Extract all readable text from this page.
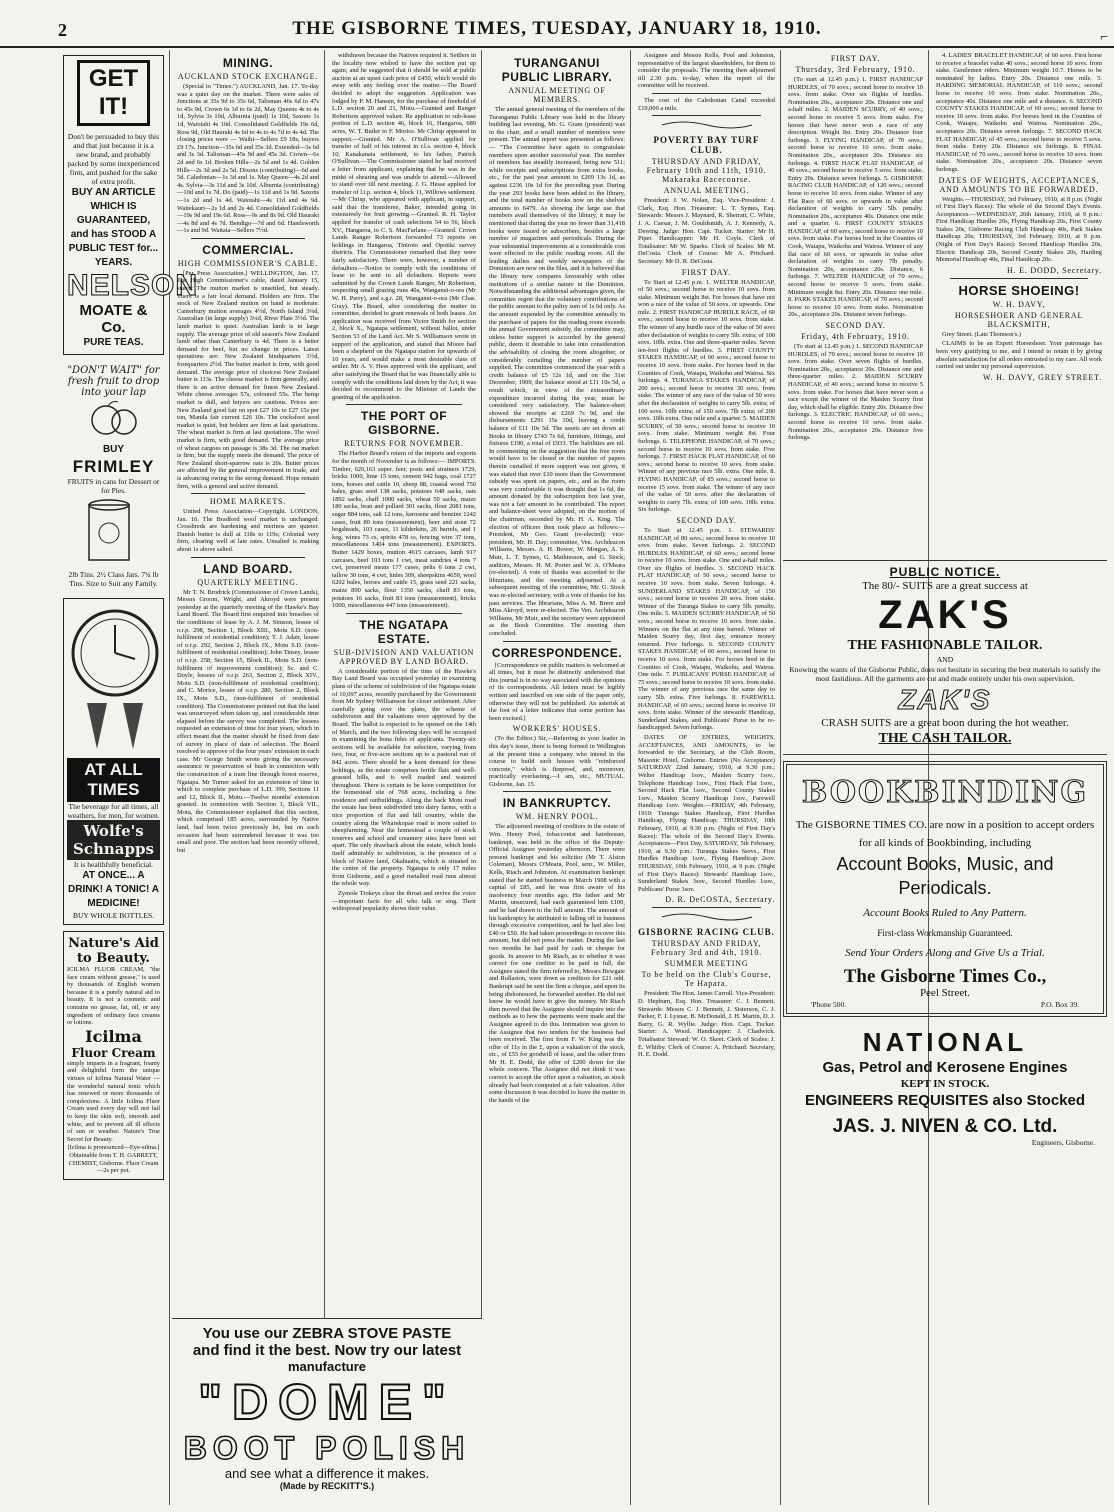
2	THE GISBORNE TIMES, TUESDAY, JANUARY 18, 1910.	⌐
GET IT!
Don't be persuaded to buy this and that just because it is a new brand, and probably packed by some inexperienced firm, and pushed for the sake of extra profit.
BUY AN ARTICLE WHICH IS GUARANTEED, and has STOOD A PUBLIC TEST for... YEARS.
NELSON
MOATE & Co.
PURE TEAS.
"DON'T WAIT" for fresh fruit to drop into your lap
BUY
FRIMLEY
FRUITS in cans for Dessert or for Pies.
2lb Tins. 2½ Class Jars. 7¾ lb Tins. Size to Suit any Family.
AT ALL TIMES
The beverage for all times, all weathers, for men, for women.
Wolfe's Schnapps
It is healthfully beneficial.
AT ONCE... A DRINK! A TONIC! A MEDICINE!
BUY WHOLE BOTTLES.
Nature's Aid to Beauty.
ICILMA FLUOR CREAM, "the face cream without grease," is used by thousands of English women because it is a purely natural aid to beauty. It is not a cosmetic and contains no grease, fat, oil, or any ingredient of ordinary face creams or lotions.
Icilma
Fluor Cream
simply imparts in a fragrant, foamy and delightful form the unique virtues of Icilma Natural Water — the wonderful natural tonic which has renewed or more thousands of complexions. A little Icilma Fluor Cream used every day will not fail to keep the skin soft, smooth and white, and to prevent all ill effects of sun or weather. Nature's True Secret for Beauty.
[Icilma is pronounced—Eye-silma.]
Obtainable from T. H. GARRETT, CHEMIST, Gisborne. Fluor Cream—2s per pot.
MINING.
AUCKLAND STOCK EXCHANGE.

(Special to "Times.") AUCKLAND, Jan. 17. To-day was a quiet day on the market. There were sales of Junctions at 35s 9d to 35s 6d, Talisman 46s 6d to 47s to 45s 9d, Crown 6s 1d to 6s 2d, May Queens 4s to 4s 1d, Sylvia 3s 10d, Alburnia (paid) 1s 10d, Saxons 1s 1d, Waiotahi 4s 10d. Consolidated Goldfields 19s 6d, Ross 9d, Old Hauraki 4s 6d to 4s to 4s 7d to 4s 4d. The closing prices were — Waihi—Sellers £9 18s, buyers £9 17s. Junction—35s 6d and 35s 3d. Extended—3s 6d and 3s 3d. Talisman—45s 9d and 45s 3d. Crown—6s 2d and 6s 1d. Broken Hills—2s 5d and 1s 4d. Golden Hills—2s 3d and 2s 5d. Dixons (contributing)—6d and 5d. Caledonian—1s 3d and 1s. May Queen—4s 2d and 4s. Sylvia—3s 11d and 3s 10d. Alburnia (contributing)—10d and 1s 7d. Do (paid)—1s 11d and 1s 9d. Saxons—1s 2d and 1s 4d. Waiotahi—4s 11d and 4s 9d. Waitekauri—2s 1d and 2s 4d. Consolidated Goldfields—19s 9d and 19s 6d. Ross—9s and 8s 9d. Old Hauraki—4s 8d and 4s 7d. Bendigo—7d and 6d. Handsworth—1s and 9d. Waitaia—Sellers 7½d.

COMMERCIAL.
HIGH COMMISSIONER'S CABLE.

[Per Press Association.] WELLINGTON, Jan. 17. The High Commissioner's cable, dated January 15, states: The mutton market is unsettled, but steady. There is a fair local demand. Holders are firm. The stock of New Zealand mutton on hand is moderate. Canterbury mutton averages 4½d, North Island 3¼d, Australian (in large supply) 3¼d, River Plate 3½d. The lamb market is quiet. Australian lamb is in large supply. The average price of old season's New Zealand lamb other than Canterbury is 4d. There is a better demand for beef, but no change in prices. Latest quotations are: New Zealand hindquarters 3½d, forequarters 2½d. The butter market is firm, with good demand. The average price of choicest New Zealand butter is 113s. The cheese market is firm generally, and there is an active demand for finest New Zealand. White cheese averages 57s, coloured 55s. The hemp market is dull, and buyers are cautious. Prices are: New Zealand good fair on spot £27 10s to £27 15s per ton, Manila fair current £26 10s. The cocksfoot seed market is quiet, but holders are firm at last quotations. The wheat market is firm at last quotations. The wool market is firm, with good demand. The average price of wheat cargoes on passage is 38s 3d. The oat market is firm, but the supply meets the demand. The price of New Zealand short-sparrow oats is 20s. Butter prices are affected by the general improvement in trade, and is advancing owing to the strong demand. Hops remain firm, with a general and active demand.

HOME MARKETS.

United Press Association—Copyright. LONDON, Jan. 16. The Bradford wool market is unchanged. Crossbreds are hardening and merinos are quieter. Danish butter is dull at 118s to 119s; Colonial very firm, clearing well at late rates. Unsalted is making about 1s above salted.

LAND BOARD.
QUARTERLY MEETING.

Mr T. N. Brodrick (Commissioner of Crown Lands), Messrs Groom, Wright, and Akroyd were present yesterday at the quarterly meeting of the Hawke's Bay Land Board. The Board first enquired into breaches of the conditions of lease by A. J. M. Simson, lessee of o.r.p. 298, Section 1, Block XIII., Motu S.D. (non-fulfilment of residential condition); T. J. Adair, lessee of o.r.p. 292, Section 2, Block IX., Motu S.D. (non-fulfilment of residential condition); John Tinsey, lessee of o.r.p. 258, Section 15, Block II., Motu S.D. (non-fulfilment of improvement condition); Sc. and C. Doyle, lessees of o.r.p. 263, Section 2, Block XIV., Motu S.D. (non-fulfilment of residential condition); and C. Morice, lessee of o.r.p. 280, Section 2, Block IX., Motu S.D., (non-fulfilment of residential condition). The Commissioner pointed out that the land was unsurveyed when taken up, and considerable time elapsed before the survey was completed. The lessees requested an extension of time for four years, which in effect meant that the matter should be fixed from date of survey in place of date of selection. The Board resolved to approve of the four years' extension in each case. Mr George Smith wrote giving the necessary assurance re preservation of bush in connection with the construction of a tram line through forest reserve, Ngatapa. Mr Turner asked for an extension of time in which to complete purchase of L.D. 399, Sections 11 and 12, Block II., Motu.—Twelve months' extension granted. In connection with Section 1, Block VII., Motu, the Commissioner explained that this section, which comprised 185 acres, surrounded by Native land, had been twice previously let, but on each occasion had been surrendered because it was too small and poor. The section had been recently offered, but

withdrawn because the Natives required it. Settlers in the locality now wished to have the section put up again, and he suggested that it should be sold at public auction at an upset cash price of £450, which would do away with any feeling over the matter.—The Board decided to adopt the suggestion. Application was lodged by P. M. Hansen, for the purchase of freehold of L.D. section 20 and 21, Motu.—Granted and Ranger Robertson approved valuer. Re application to sub-lease portion of L.D. section 46, block 16, Hangaroa, 689 acres, W. T. Butler to F. Morice. Mr Chrisp appeared in support.—Granted. Mr A. O'Sullivan applied for transfer of half of his interest in r.l.s. section 4, block 10, Kanakanaia settlement, to his father, Patrick O'Sullivan.—The Commissioner stated he had received a letter from applicant, explaining that he was in the midst of shearing and was unable to attend.—Allowed to stand over till next meeting. J. G. Hesse applied for transfer of l.i.p. section 4, block 11, Willows settlement.—Mr Chrisp, who appeared with applicant, in support, said that the transferee, Baker, intended going in extensively for fruit growing.—Granted. R. H. Taylor applied for transfer of cash selections 54 to 56, block XV., Hangaroa, to C. S. MacFarlane.—Granted. Crown Lands Ranger Robertson forwarded 73 reports on holdings in Hangaroa, Tiniroto and Opotiki survey districts. The Commissioner remarked that they were fairly satisfactory. There were, however, a number of defaulters.—Notice to comply with the conditions of lease to be sent to all defaulters. Reports were submitted by the Crown Lands Ranger, Mr Robertson, respecting small grazing runs 40a, Wanganui-o-ora (Mr W. H. Perry), and s.g.r. 28, Wanganui-o-ora (Mr Chas. Gray). The Board, after considering the matter in committee, decided to grant renewals of both leases. An application was received from Victor Smith for section 2, block X., Ngatapa settlement, without ballot, under Section 53 of the Land Act. Mr S. Williamson wrote in support of the application, and stated that Moore had been a shepherd on the Ngatapa station for upwards of 10 years, and would make a most desirable class of settler. Mr A. V. Hess approved with the applicant, and after satisfying the Board that he was financially able to comply with the conditions laid down by the Act, it was decided to recommend to the Minister of Lands the granting of the application.

THE PORT OF GISBORNE.
RETURNS FOR NOVEMBER.

The Harbor Board's return of the imports and exports for the month of November is as follows:— IMPORTS. Timber, 620,163 super. feet; posts and strainers 1729, bricks 1000, lime 15 tons, cement 942 bags, coal 1727 tons, horses and cattle 10, sheep 88, coastal wood 750 bales, grass seed 138 sacks, potatoes 648 sacks, oats 1892 sacks, chaff 1000 sacks, wheat 50 sacks, maize 180 sacks, bran and pollard 301 sacks, flour 2081 tons, sugar 884 tons, salt 12 tons, kerosene and benzine 1242 cases, fruit 80 tons (measurement), beer and stout 72 hogsheads, 103 cases, 11 kilderkins, 26 barrels, and 1 keg, wines 73 cs, spirits 478 cs, fencing wire 37 tons, miscellaneous 1404 tons (measurement). EXPORTS. Butter 1429 boxes, mutton 4615 carcases, lamb 917 carcases, beef 103 tons 1 cwt, meat sundries 4 tons 7 cwt, preserved meats 177 cases, pelts 6 tons 2 cwt, tallow 30 tons, 4 cwt, hides 309, sheepskins 4659, wool 6202 bales, horses and cattle 15, grass seed 221 sacks, maize 890 sacks, flour 1350 sacks, chaff 83 tons, potatoes 16 sacks, fruit 83 tons (measurement), bricks 1000, miscellaneous 447 tons (measurement).

THE NGATAPA ESTATE.
SUB-DIVISION AND VALUATION APPROVED BY LAND BOARD.

A considerable portion of the time of the Hawke's Bay Land Board was occupied yesterday in examining plans of the scheme of subdivision of the Ngatapa estate of 10,097 acres, recently purchased by the Government from Mr Sydney Williamson for closer settlement. After carefully going over the plans, the scheme of subdivision and the valuations were approved by the Board. The ballot is expected to be opened on the 14th of March, and the two following days will be occupied in examining the bona fides of applicants. Twenty-six sections will be available for selection, varying from two, four, or five-acre sections up to a pastoral run of 842 acres. There should be a keen demand for these holdings, as the estate comprises fertile flats and well-grassed hills, and is well roaded and watered throughout. There is certain to be keen competition for the homestead site of 768 acres, including a fine residence and outbuildings. Along the back Motu road the estate has been subdivided into dairy farms, with a nice proportion of flat and hill country, while the country along the Wharekopae road is more suited to sheepfarming. Near the homestead a couple of stock reserves and school and creamery sites have been set apart. The only drawback about the estate, which lends itself admirably to subdivision, is the presence of a block of Native land, Okahuatiu, which is situated in the centre of the property. Ngatapa is only 17 miles from Gisborne, and a good metalled road runs almost the whole way.

Zymole Trokeys clear the throat and revive the voice—important facts for all who talk or sing. Their widespread popularity shows their value.

You use our ZEBRA STOVE PASTE
and find it the best. Now try our latest
manufacture
"DOME"
BOOT POLISH
and see what a difference it makes.
(Made by RECKITT'S.)
TURANGANUI PUBLIC LIBRARY.
ANNUAL MEETING OF MEMBERS.

The annual general meeting of the members of the Turanganui Public Library was held in the library building last evening, Mr. G. Gram (president) was in the chair, and a small number of members were present. The annual report was presented as follows:— "The Committee have again to congratulate members upon another successful year. The number of members has steadily increased, being now 511; while receipts and subscriptions from extra books, etc., for the past year amount to £269 13s 1d, as against £236 10s 1d for the preceding year. During the year 293 books have been added to the library, and the total number of books now on the shelves amounts to 6479. As showing the large use that members avail themselves of the library, it may be mentioned that during the year no fewer than 31,418 books were issued to subscribers, besides a large number of magazines and periodicals. During the year substantial improvements at a considerable cost were effected in the public reading room. All the leading dailies and weekly newspapers of the Dominion are now on the files, and it is believed that the library now compares favourably with other institutions of a similar nature in the Dominion. Notwithstanding the additional advantages given, the committee regret that the voluntary contributions of the public amount to the paltry sum of 1s 6d only. As the amount expended by the committee annually in the purchase of papers for the reading room exceeds the annual Government subsidy, the committee may, unless better support is accorded by the general public, deem it desirable to take into consideration the advisability of closing the room altogether, or considerably curtailing the number of papers supplied. The committee commenced the year with a credit balance of £5 12s 1d, and on the 31st December, 1909, the balance stood at £11 10s 5d, a result which, in view of the extraordinary expenditure incurred during the year, must be considered very satisfactory. The balance-sheet showed the receipts at £269 7s 9d, and the disbursements £291 15s 10d, leaving a credit balance of £11 10s 5d. The assets are set down at: Books in library £743 7s 6d, furniture, fittings, and fixtures £190, a total of £933. The liabilities are nil. In commenting on the suggestion that the free room would have to be closed or the number of papers therein curtailed if more support was not given, it was stated that over £10 more than the Government subsidy was spent on papers, etc., and as the room was very comfortable it was thought that 1s 6d, the amount donated by the subscription box last year, was not a fair amount to be contributed. The report and balance-sheet were adopted, on the motion of the chairman, seconded by Mr. H. A. King. The election of officers then took place as follows:—President, Mr Geo. Grant (re-elected); vice-president, Mr. H. Day; committee, Ven. Archdeacon Williams, Messrs. A. H. Bower, W. Morgan, A. S. Muir, L. T. Symes, G. Mathiesson, and G. Stock; auditors, Messrs. H. M. Porter and W. A. O'Meara (re-elected). A vote of thanks was accorded to the librarians, and the meeting adjourned. At a subsequent meeting of the committee, Mr. G. Stock was re-elected secretary, with a vote of thanks for his past services. The librarians, Miss A. M. Brere and Miss Akroyd, were re-elected. The Ven. Archdeacon Williams, Mr Muir, and the secretary were appointed as the Book Committee. The meeting then concluded.

CORRESPONDENCE.

[Correspondence on public matters is welcomed at all times, but it must be distinctly understood that this journal is in no way associated with the opinions of its correspondents. All letters must be legibly written and inscribed on one side of the paper only, otherwise they will not be published. An asterisk at the foot of a letter indicates that some portion has been excised.]

WORKERS' HOUSES.

(To the Editor.) Sir,—Referring to your leader in this day's issue, there is being formed in Wellington at the present time a company who intend in the course to build such houses with "reinforced concrete," which is fireproof, and, moreover, practically everlasting.—I am, etc., MUTUAL. Gisborne, Jan. 15.

IN BANKRUPTCY.
WM. HENRY POOL.

The adjourned meeting of creditors in the estate of Wm. Henry Pool, tobacconist and hairdresser, bankrupt, was held in the office of the Deputy-Official Assignee yesterday afternoon. There were present bankrupt and his solicitor (Mr T. Alston Coleman), Messrs O'Meara, Pool, senr., W. Miller, Kells, Riach and Johnston. At examination bankrupt stated that he started business in March 1908 with a capital of £85, and he was first aware of his insolvency four months ago. His father and Mr Martin, unsecured, had each guaranteed him £100, and he had drawn to the full amount. The amount of his bankruptcy he attributed to falling off in business through excessive competition, and he had also lost £40 or £50. He had taken proceedings to recover this amount, but did not press the matter. During the last two months he had paid by cash or cheque for goods. In answer to Mr Riach, as to whether it was correct for one creditor to be paid in full, the Assignee stated the firm referred to, Messrs Hewgate and Rollaston, were down as creditors for £21 odd. Bankrupt said he sent the firm a cheque, and upon its being dishonoured, he forwarded another. He did not know he would have to give the money. Mr Riach then moved that the Assignee should inquire into the methods as to how the payments were made and the Assignee agreed to do this. Intimation was given to the Assignee that two tenders for the business had been received. The first from F. W. King was the offer of 11s in the £, upon a valuation of the stock, etc., of £55 for goodwill of lease, and the other from Mr H. E. Dodd, the offer of £200 down for the whole concern. The Assignee did not think it was correct to accept the offer upon a valuation, as stock already had been computed at a fair valuation. After some discussion it was decided to leave the matter in the hands of the

Assignee and Messrs Kells, Pool and Johnston, representative of the largest shareholders, for them to consider the proposals. The meeting then adjourned till 2.30 p.m. to-day, when the report of the committee will be received.

The cost of the Caledonian Canal exceeded £19,000 a mile.

POVERTY BAY TURF CLUB.
THURSDAY AND FRIDAY, February 10th and 11th, 1910. Makaraka Racecourse.
ANNUAL MEETING.

President: J. W. Nolan, Esq. Vice-President: J. Clark, Esq. Hon. Treasurer: L. T. Symes, Esq. Stewards: Messrs J. Maynard, R. Sherratt, C. White, J. A. Caesar, J. M. Gouldsmith, A. J. Kennedy, A. Dewing. Judge: Hon. Capt. Tucker. Starter: Mr H. Piper. Handicapper: Mr H. Coyle. Clerk of Totalisator: Mr W. Sparks. Clerk of Scales: Mr M. DeCosta. Clerk of Course: Mr A. Pritchard. Secretary: Mr D. R. DeCosta.

FIRST DAY.

To Start at 12.45 p.m. 1. WELTER HANDICAP, of 50 sovs.; second horse to receive 10 sovs. from stake. Minimum weight 8st. For horses that have not won a race of the value of 50 sovs. or upwards. One mile. 2. FIRST HANDICAP HURDLE RACE, of 60 sovs.; second horse to receive 10 sovs. from stake. The winner of any hurdle race of the value of 50 sovs after declaration of weights to carry 5lb. extra; of 100 sovs. 10lb. extra. One and three-quarter miles. Seven ten-foot flights of hurdles. 3. FIRST COUNTY STAKES HANDICAP, of 60 sovs.; second horse to receive 10 sovs. from stake. For horses bred in the Counties of Cook, Waiapu, Waikohu and Wairoa. Six furlongs. 4. TURANGA STAKES HANDICAP, of 200 sovs.; second horse to receive 30 sovs. from stake. The winner of any race of the value of 50 sovs after the declaration of weights to carry 5lb. extra; of 100 sovs. 10lb extra; of 150 sovs. 7lb extra; of 200 sovs. 10lb extra. One mile and a quarter. 5. MAIDEN SCURRY, of 50 sovs.; second horse to receive 10 sovs. from stake. Minimum weight 8st. Four furlongs. 6. TELEPHONE HANDICAP, of 70 sovs.; second horse to receive 10 sovs. from stake. Five furlongs. 7. FIRST HACK FLAT HANDICAP, of 60 sovs.; second horse to receive 10 sovs. from stake. Winner of any previous race 5lb. extra. One mile. 8. FLYING HANDICAP, of 85 sovs.; second horse to receive 15 sovs. from stake. The winner of any race of the value of 50 sovs. after the declaration of weights to carry 7lb. extra; of 100 sovs. 10lb. extra. Six furlongs.

SECOND DAY.

To Start at 12.45 p.m. 1. STEWARDS' HANDICAP, of 80 sovs.; second horse to receive 10 sovs. from stake. Seven furlongs. 2. SECOND HURDLES HANDICAP, of 60 sovs.; second horse to receive 10 sovs. from stake. One and a-half miles. Over six flights of hurdles. 3. SECOND HACK FLAT HANDICAP, of 50 sovs.; second horse to receive 10 sovs. from stake. Seven furlongs. 4. SUNDERLAND STAKES HANDICAP, of 150 sovs.; second horse to receive 20 sovs. from stake. Winner of the Turanga Stakes to carry 5lb. penalty. One mile. 5. MAIDEN SCURRY HANDICAP, of 50 sovs.; second horse to receive 10 sovs. from stake. Winners on the flat at any time barred. Winner of Maiden Scurry day, first day, entrance money returned. Five furlongs. 6. SECOND COUNTY STAKES HANDICAP, of 60 sovs.; second horse to receive 10 sovs. from stake. For horses bred in the Counties of Cook, Waiapu, Waikohu, and Wairoa. One mile. 7. PUBLICANS' PURSE HANDICAP, of 75 sovs.; second horse to receive 10 sovs. from stake. The winner of any previous race the same day to carry 5lb. extra. Five furlongs. 8. FAREWELL HANDICAP, of 60 sovs.; second horse to receive 10 sovs. from stake. Winner of the stewards' Handicap, Sunderland Stakes, and Publicans' Purse to be re-handicapped. Seven furlongs.

DATES OF ENTRIES, WEIGHTS, ACCEPTANCES, AND AMOUNTS, to be forwarded to the Secretary, at the Club Room, Masonic Hotel, Gisborne. Entries (No Acceptance) SATURDAY 22nd January, 1910, at 9.30 p.m.; Welter Handicap 1sov., Maiden Scurry 1sov., Telephone Handicap 1sov., First Hack Flat 1sov., Second Hack Flat 1sov., Second County Stakes 1sov., Maiden Scurry Handicap 1sov., Farewell Handicap 1sov. Weights.—FRIDAY, 4th February, 1910: Turanga Stakes Handicap, First Hurdles Handicap, Flying Handicap; THURSDAY, 10th February, 1910, at 9.30 p.m. (Night of First Day's Races): The whole of the Second Day's Events. Acceptances—First Day, SATURDAY, 5th February, 1910, at 9.30 p.m.: Turanga Stakes 6sovs., First Hurdles Handicap 1sov., Flying Handicap 2sov. THURSDAY, 10th February, 1910, at 9 p.m. (Night of First Day's Races): Stewards' Handicap 1sov., Sunderland Stakes 3sov., Second Hurdles 1sov., Publicans' Purse 3sov.

D. R. DeCOSTA, Secretary.
GISBORNE RACING CLUB.
THURSDAY AND FRIDAY, February 3rd and 4th, 1910.
SUMMER MEETING
To be held on the Club's Course, Te Hapara.

President: The Hon. James Carroll. Vice-President: D. Hepburn, Esq. Hon. Treasurer: C. J. Bennett. Stewards: Messrs C. J. Bennett, J. Sisterson, C. J. Parker, F. J. Lysnar, B. McDonald, J. H. Martin, D. J. Barry, G. R. Wyllie. Judge: Hon. Capt. Tucker. Starter: A. Wood. Handicapper: J. Chadwick. Totalisator Steward: W. O. Skeet. Clerk of Scales: J. E. Whitby. Clerk of Course: A. Pritchard. Secretary, H. E. Dodd.

FIRST DAY.
Thursday, 3rd February, 1910.

(To start at 12.45 p.m.) 1. FIRST HANDICAP HURDLES, of 70 sovs.; second horse to receive 10 sovs. from stake. Over six flights of hurdles. Nomination 20s., acceptance 20s. Distance one and a-half miles. 2. MAIDEN SCURRY, of 40 sovs.; second horse to receive 5 sovs. from stake. For horses that have never won a race of any description. Weight 8st. Entry 20s. Distance four furlongs. 3. FLYING HANDICAP, of 70 sovs.; second horse to receive 10 sovs. from stake. Nomination 20s., acceptance 20s. Distance six furlongs. 4. FIRST HACK FLAT HANDICAP, of 40 sovs.; second horse to receive 5 sovs. from stake. Entry 20s. Distance seven furlongs. 5. GISBORNE RACING CLUB HANDICAP, of 120 sovs.; second horse to receive 10 sovs. from stake. Winner of any Flat Race of 60 sovs. or upwards in value after declaration of weights to carry 5lb. penalty. Nomination 20s., acceptance 40s. Distance one mile and a quarter. 6. FIRST COUNTY STAKES HANDICAP, of 60 sovs.; second horse to receive 10 sovs. from stake. For horses bred in the Counties of Cook, Waiapu, Waikohu and Wairoa. Winner of any flat race of 60 sovs. or upwards in value after declaration of weights to carry 7lb penalty. Nomination 20s, acceptance 20s. Distance, 6 furlongs. 7. WELTER HANDICAP, of 70 sovs.; second horse to receive 5 sovs. from stake. Minimum weight 8st. Entry 20s. Distance one mile. 8. PARK STAKES HANDICAP, of 70 sovs.; second horse to receive 10 sovs. from stake. Nomination 20s., acceptance 20s. Distance seven furlongs.

SECOND DAY.
Friday, 4th February, 1910.

(To start at 12.45 p.m.) 1. SECOND HANDICAP HURDLES, of 70 sovs.; second horse to receive 10 sovs. from stake. Over seven flights of hurdles. Nomination 20s., acceptance 20s. Distance one and three-quarter miles. 2. MAIDEN SCURRY HANDICAP, of 40 sovs.; second horse to receive 5 sovs. from stake. For horses that have never won a race except the winner of the Maiden Scurry first day, which shall be eligible. Entry 20s. Distance five furlongs. 3. ELECTRIC HANDICAP, of 60 sovs.; second horse to receive 10 sovs. from stake. Nomination 20s., acceptance 20s. Distance five furlongs.

4. LADIES' BRACELET HANDICAP, of 60 sovs. First horse to receive a bracelet value 40 sovs.; second horse 10 sovs. from stake. Gentlemen riders. Minimum weight 10.7. Horses to be nominated by ladies. Entry 20s. Distance one mile. 5. HARDING MEMORIAL HANDICAP, of 110 sovs.; second horse to receive 10 sovs. from stake. Nomination 20s., acceptance 40s. Distance one mile and a distance. 6. SECOND COUNTY STAKES HANDICAP, of 60 sovs.; second horse to receive 10 sovs. from stake. For horses bred in the Counties of Cook, Waiapu, Waikohu and Wairoa. Nomination 20s., acceptance 20s. Distance seven furlongs. 7. SECOND HACK FLAT HANDICAP, of 45 sovs.; second horse to receive 5 sovs. from stake. Entry 20s. Distance six furlongs. 8. FINAL HANDICAP, of 70 sovs.; second horse to receive 10 sovs. from stake. Nomination 20s., acceptance 20s. Distance seven furlongs.

DATES OF WEIGHTS, ACCEPTANCES, AND AMOUNTS TO BE FORWARDED.

Weights.—THURSDAY, 3rd February, 1910, at 8 p.m. (Night of First Day's Races): The whole of the Second Day's Events. Acceptances.—WEDNESDAY, 26th January, 1910, at 9 p.m.: First Handicap Hurdles 20s, Flying Handicap 20s, First County Stakes 20s, Gisborne Racing Club Handicap 40s, Park Stakes Handicap 20s; THURSDAY, 3rd February, 1910, at 9 p.m. (Night of First Day's Races): Second Handicap Hurdles 20s, Electric Handicap 20s, Second County Stakes 20s, Harding Memorial Handicap 40s, Final Handicap 20s.

H. E. DODD, Secretary.
HORSE SHOEING!
W. H. DAVY,
HORSESHOER AND GENERAL BLACKSMITH,

Grey Street. (Late Thomson's.)

CLAIMS to be an Expert Horseshoer. Your patronage has been very gratifying to me, and I intend to retain it by giving absolute satisfaction for all orders entrusted to my care. All work carried out under my personal supervision.

W. H. DAVY, GREY STREET.
PUBLIC NOTICE.
The 80/- SUITS are a great success at
ZAK'S
THE FASHIONABLE TAILOR.
AND
Knowing the wants of the Gisborne Public, does not hesitate in securing the best materials to satisfy the most fastidious. All the garments are cut and made entirely under his own supervision.
ZAK'S
CRASH SUITS are a great boon during the hot weather.
THE CASH TAILOR.
BOOKBINDING
The GISBORNE TIMES CO. are now in a position to accept orders for all kinds of Bookbinding, including
Account Books, Music, and Periodicals.
Account Books Ruled to Any Pattern.
First-class Workmanship Guaranteed.
Send Your Orders Along and Give Us a Trial.
The Gisborne Times Co.,
Peel Street.
'Phone 500.	P.O. Box 39.
NATIONAL
Gas, Petrol and Kerosene Engines
KEPT IN STOCK.
ENGINEERS REQUISITES also Stocked
JAS. J. NIVEN & CO. Ltd.
Engineers, Gisborne.
